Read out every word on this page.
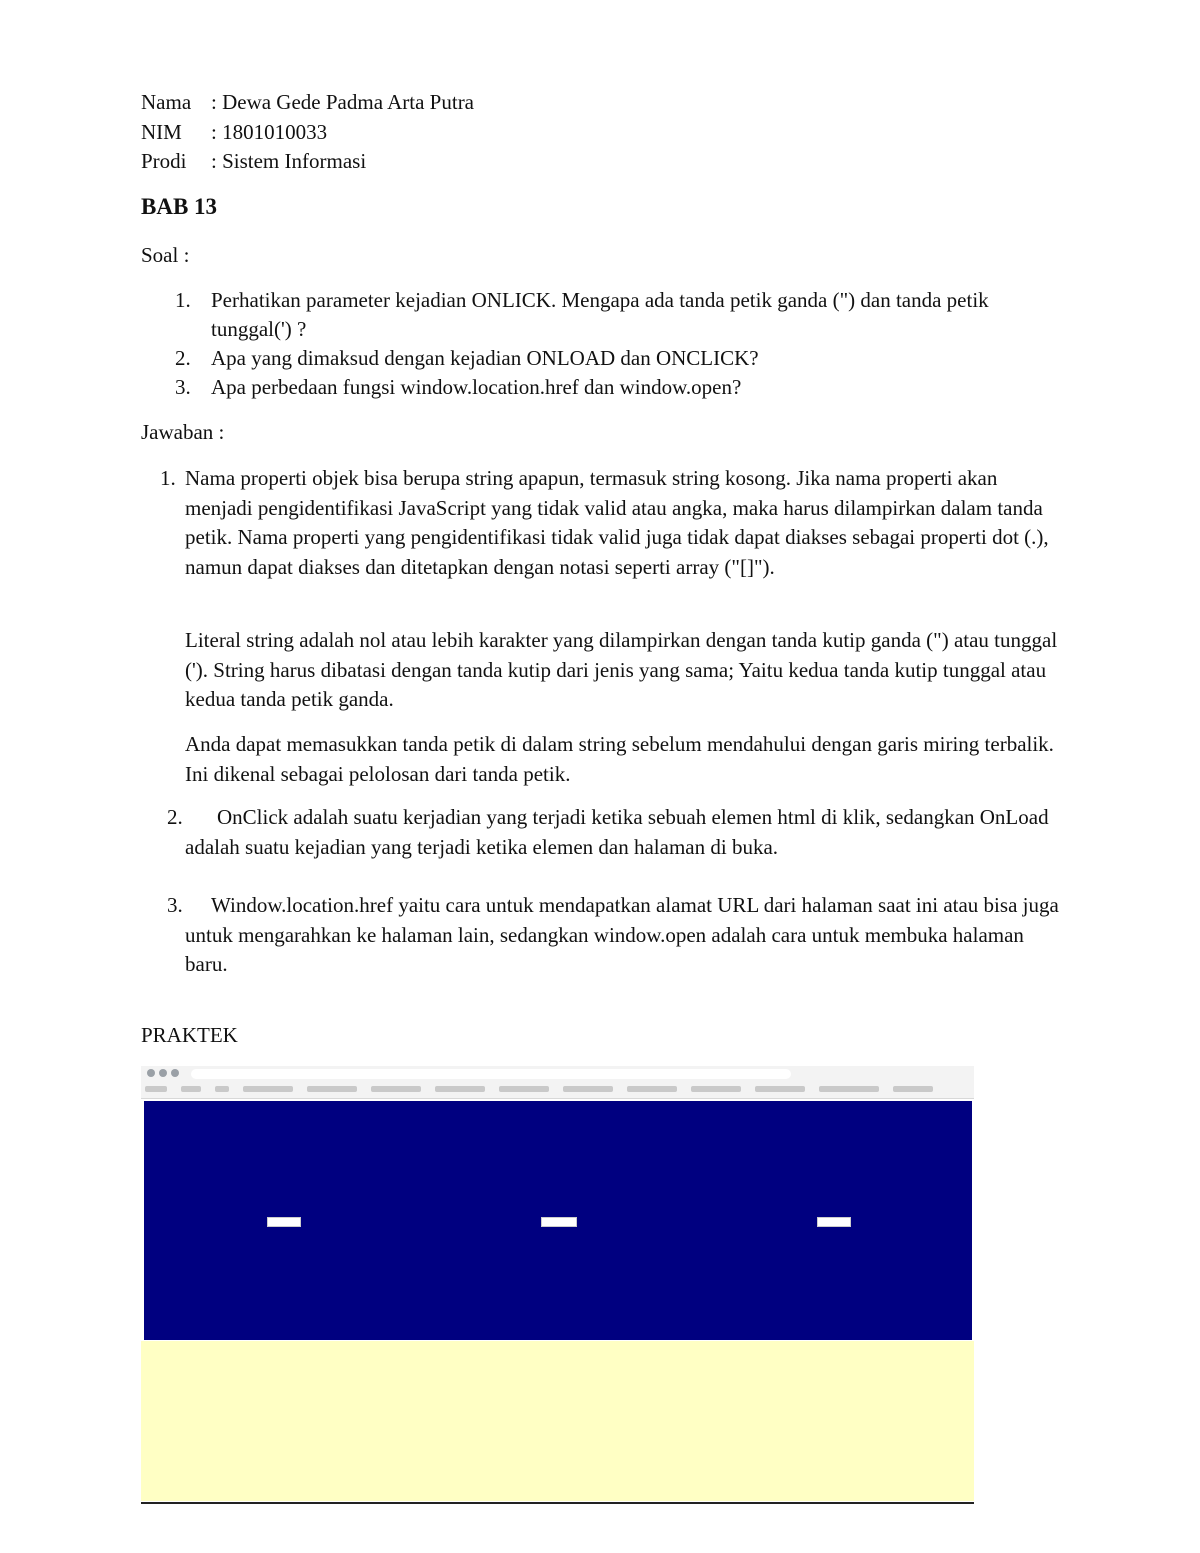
Nama : Dewa Gede Padma Arta Putra
NIM	: 1801010033
Prodi	: Sistem Informasi
BAB 13
Soal :
1. Perhatikan parameter kejadian ONLICK. Mengapa ada tanda petik ganda (") dan tanda petik tunggal(') ?
2. Apa yang dimaksud dengan kejadian ONLOAD dan ONCLICK?
3. Apa perbedaan fungsi window.location.href dan window.open?
Jawaban :
1. Nama properti objek bisa berupa string apapun, termasuk string kosong. Jika nama properti akan menjadi pengidentifikasi JavaScript yang tidak valid atau angka, maka harus dilampirkan dalam tanda petik. Nama properti yang pengidentifikasi tidak valid juga tidak dapat diakses sebagai properti dot (.), namun dapat diakses dan ditetapkan dengan notasi seperti array ("[]").
Literal string adalah nol atau lebih karakter yang dilampirkan dengan tanda kutip ganda (") atau tunggal ('). String harus dibatasi dengan tanda kutip dari jenis yang sama; Yaitu kedua tanda kutip tunggal atau kedua tanda petik ganda.
Anda dapat memasukkan tanda petik di dalam string sebelum mendahului dengan garis miring terbalik. Ini dikenal sebagai pelolosan dari tanda petik.
2.	OnClick adalah suatu kerjadian yang terjadi ketika sebuah elemen html di klik, sedangkan OnLoad adalah suatu kejadian yang terjadi ketika elemen dan halaman di buka.
3.	Window.location.href yaitu cara untuk mendapatkan alamat URL dari halaman saat ini atau bisa juga untuk mengarahkan ke halaman lain, sedangkan window.open adalah cara untuk membuka halaman baru.
PRAKTEK
